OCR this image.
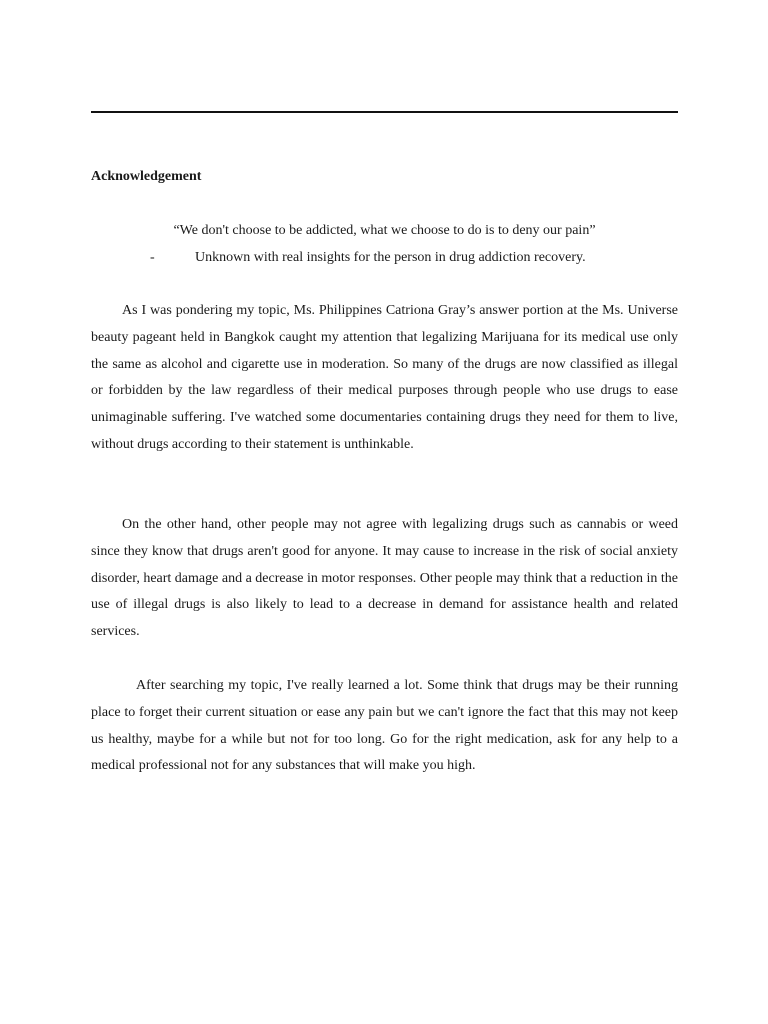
Acknowledgement

“We don't choose to be addicted, what we choose to do is to deny our pain”

-	Unknown with real insights for the person in drug addiction recovery.

As I was pondering my topic, Ms. Philippines Catriona Gray’s answer portion at the Ms. Universe beauty pageant held in Bangkok caught my attention that legalizing Marijuana for its medical use only the same as alcohol and cigarette use in moderation. So many of the drugs are now classified as illegal or forbidden by the law regardless of their medical purposes through people who use drugs to ease unimaginable suffering. I've watched some documentaries containing drugs they need for them to live, without drugs according to their statement is unthinkable.

On the other hand, other people may not agree with legalizing drugs such as cannabis or weed since they know that drugs aren't good for anyone. It may cause to increase in the risk of social anxiety disorder, heart damage and a decrease in motor responses. Other people may think that a reduction in the use of illegal drugs is also likely to lead to a decrease in demand for assistance health and related services.

After searching my topic, I've really learned a lot. Some think that drugs may be their running place to forget their current situation or ease any pain but we can't ignore the fact that this may not keep us healthy, maybe for a while but not for too long. Go for the right medication, ask for any help to a medical professional not for any substances that will make you high.
